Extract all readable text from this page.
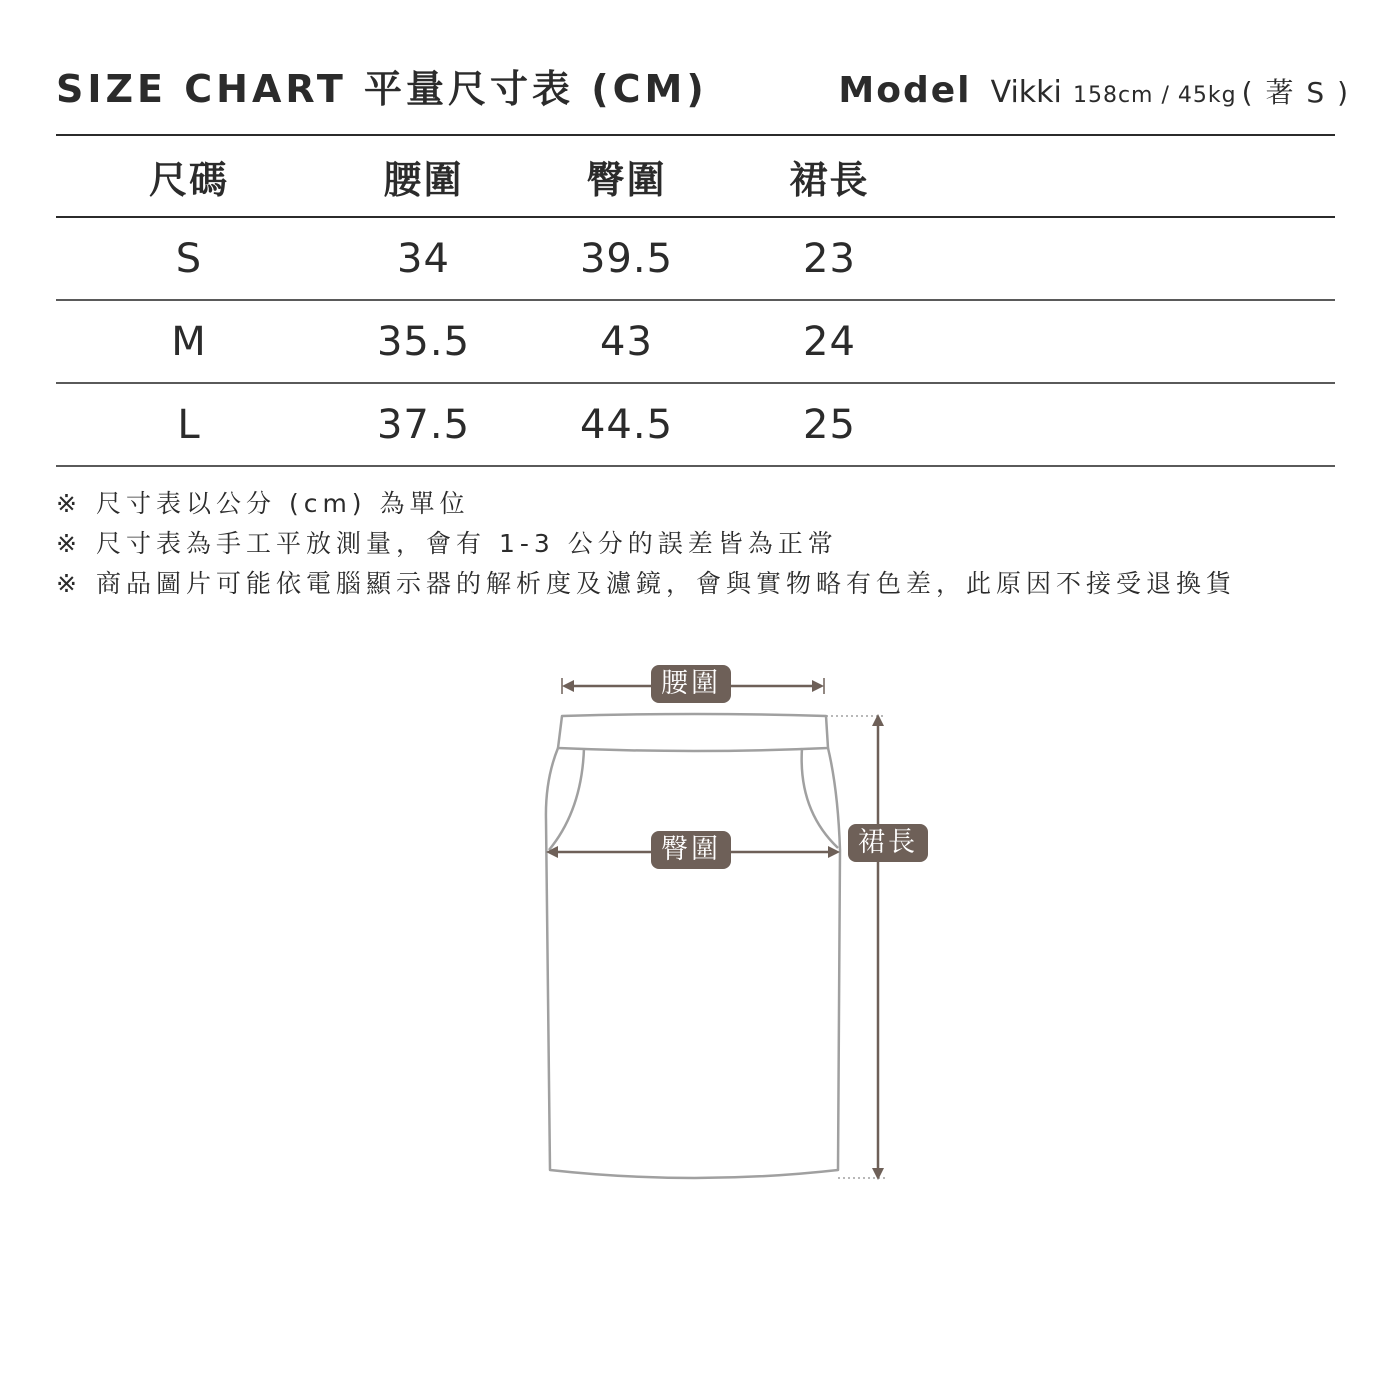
SIZE CHART 平量尺寸表 (CM)	Model Vikki 158cm / 45kg ( 著 S )
尺碼	腰圍	臀圍	裙長
S	34	39.5	23
M	35.5	43	24
L	37.5	44.5	25
※ 尺寸表以公分 (cm) 為單位
※ 尺寸表為手工平放測量，會有 1-3 公分的誤差皆為正常
※ 商品圖片可能依電腦顯示器的解析度及濾鏡，會與實物略有色差，此原因不接受退換貨
腰圍
臀圍	裙長
